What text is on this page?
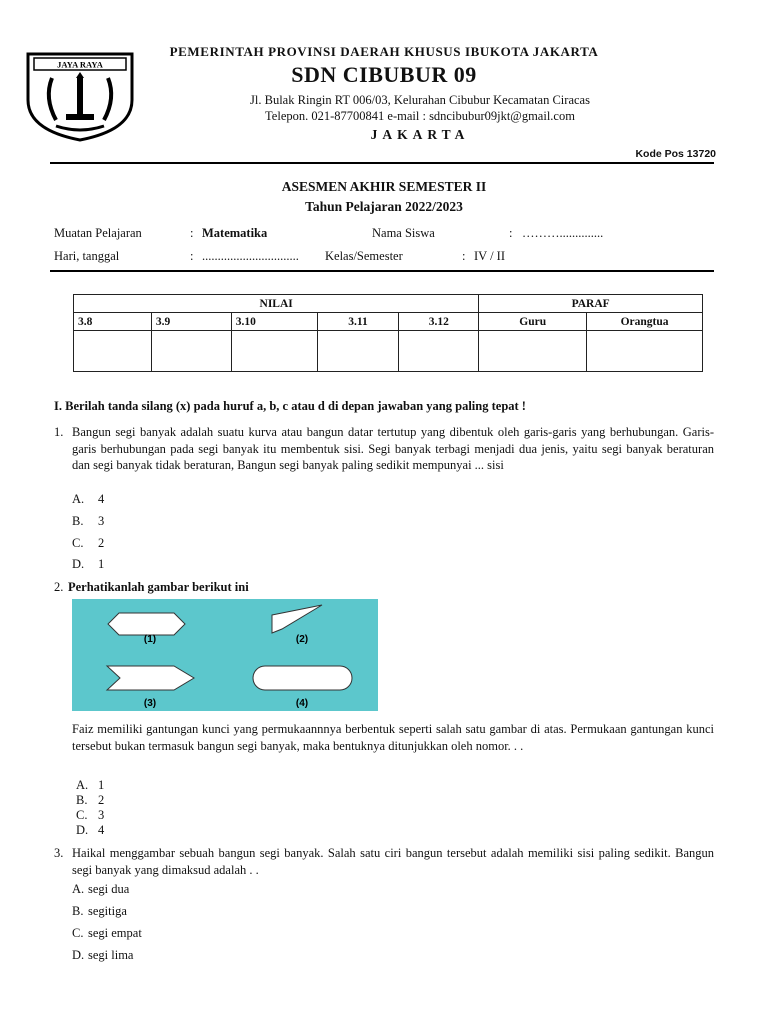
JAYA RAYA
PEMERINTAH PROVINSI DAERAH KHUSUS IBUKOTA JAKARTA
SDN CIBUBUR 09
Jl. Bulak Ringin RT 006/03, Kelurahan Cibubur Kecamatan Ciracas
Telepon. 021-87700841 e-mail : sdncibubur09jkt@gmail.com
JAKARTA
Kode Pos 13720
ASESMEN AKHIR SEMESTER II
Tahun Pelajaran 2022/2023
Muatan Pelajaran	: Matematika	Nama Siswa	: ………..............
Hari, tanggal	: ............................... Kelas/Semester	: IV / II
NILAI					PARAF	
3.8	3.9	3.10	3.11	3.12	Guru	Orangtua

I. Berilah tanda silang (x) pada huruf a, b, c atau d di depan jawaban yang paling tepat !
1. Bangun segi banyak adalah suatu kurva atau bangun datar tertutup yang dibentuk oleh garis-garis yang berhubungan. Garis-garis berhubungan pada segi banyak itu membentuk sisi. Segi banyak terbagi menjadi dua jenis, yaitu segi banyak beraturan dan segi banyak tidak beraturan, Bangun segi banyak paling sedikit mempunyai ... sisi
A. 4
B. 3
C. 2
D. 1
2. Perhatikanlah gambar berikut ini
(1)	(2)
(3)	(4)
Faiz memiliki gantungan kunci yang permukaannnya berbentuk seperti salah satu gambar di atas. Permukaan gantungan kunci tersebut bukan termasuk bangun segi banyak, maka bentuknya ditunjukkan oleh nomor. . .
A. 1
B. 2
C. 3
D. 4
3. Haikal menggambar sebuah bangun segi banyak. Salah satu ciri bangun tersebut adalah memiliki sisi paling sedikit. Bangun segi banyak yang dimaksud adalah . .
A. segi dua
B. segitiga
C. segi empat
D. segi lima
